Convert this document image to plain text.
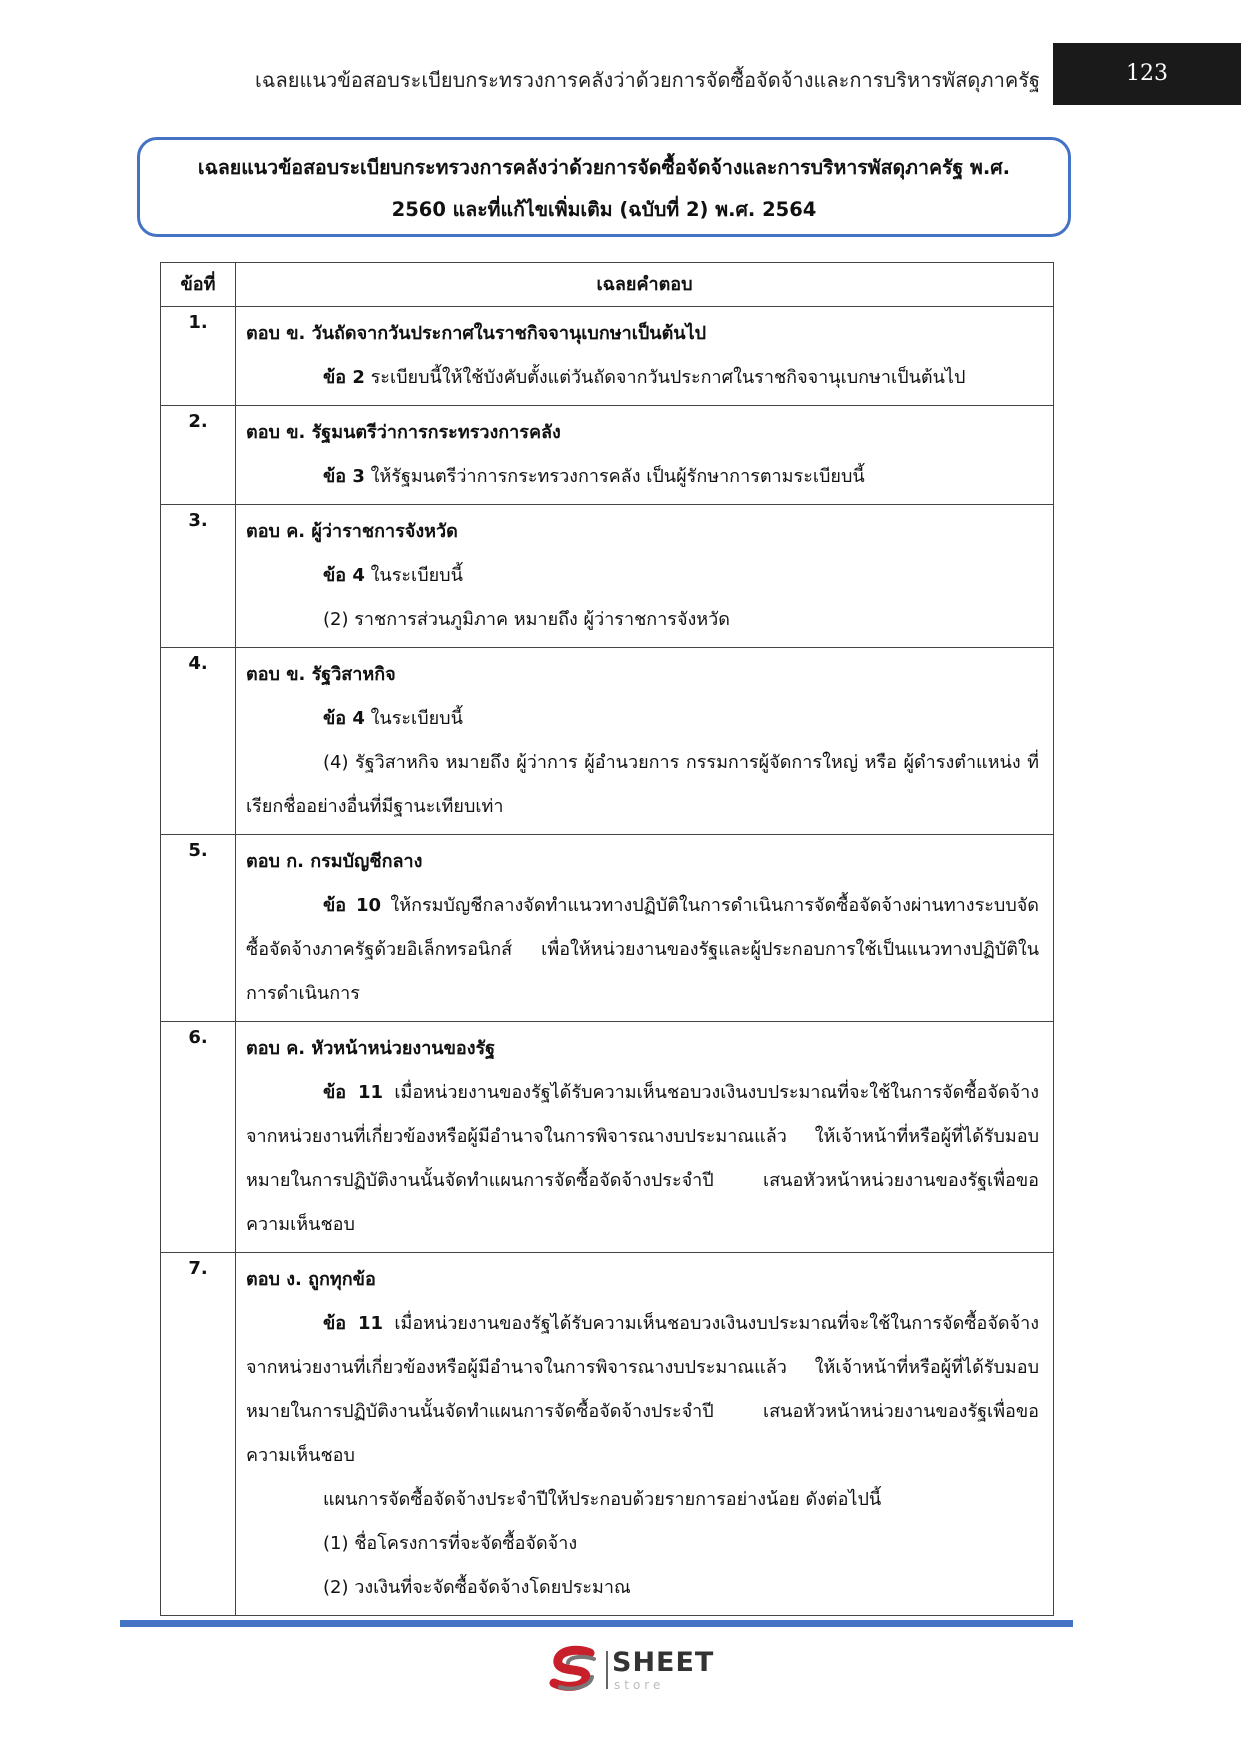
เฉลยแนวข้อสอบระเบียบกระทรวงการคลังว่าด้วยการจัดซื้อจัดจ้างและการบริหารพัสดุภาครัฐ	123
เฉลยแนวข้อสอบระเบียบกระทรวงการคลังว่าด้วยการจัดซื้อจัดจ้างและการบริหารพัสดุภาครัฐ พ.ศ.
2560 และที่แก้ไขเพิ่มเติม (ฉบับที่ 2) พ.ศ. 2564
ข้อที่	เฉลยคำตอบ
1.	ตอบ ข. วันถัดจากวันประกาศในราชกิจจานุเบกษาเป็นต้นไป
ข้อ 2 ระเบียบนี้ให้ใช้บังคับตั้งแต่วันถัดจากวันประกาศในราชกิจจานุเบกษาเป็นต้นไป

2.	ตอบ ข. รัฐมนตรีว่าการกระทรวงการคลัง
ข้อ 3 ให้รัฐมนตรีว่าการกระทรวงการคลัง เป็นผู้รักษาการตามระเบียบนี้

3.	ตอบ ค. ผู้ว่าราชการจังหวัด
ข้อ 4 ในระเบียบนี้
(2) ราชการส่วนภูมิภาค หมายถึง ผู้ว่าราชการจังหวัด

4.	ตอบ ข. รัฐวิสาหกิจ
ข้อ 4 ในระเบียบนี้
(4) รัฐวิสาหกิจ หมายถึง ผู้ว่าการ ผู้อำนวยการ กรรมการผู้จัดการใหญ่ หรือ ผู้ดำรงตำแหน่ง ที่เรียกชื่ออย่างอื่นที่มีฐานะเทียบเท่า

5.	ตอบ ก. กรมบัญชีกลาง
ข้อ 10 ให้กรมบัญชีกลางจัดทำแนวทางปฏิบัติในการดำเนินการจัดซื้อจัดจ้างผ่านทางระบบจัดซื้อจัดจ้างภาครัฐด้วยอิเล็กทรอนิกส์ เพื่อให้หน่วยงานของรัฐและผู้ประกอบการใช้เป็นแนวทางปฏิบัติในการดำเนินการ

6.	ตอบ ค. หัวหน้าหน่วยงานของรัฐ
ข้อ 11 เมื่อหน่วยงานของรัฐได้รับความเห็นชอบวงเงินงบประมาณที่จะใช้ในการจัดซื้อจัดจ้างจากหน่วยงานที่เกี่ยวข้องหรือผู้มีอำนาจในการพิจารณางบประมาณแล้ว ให้เจ้าหน้าที่หรือผู้ที่ได้รับมอบหมายในการปฏิบัติงานนั้นจัดทำแผนการจัดซื้อจัดจ้างประจำปี เสนอหัวหน้าหน่วยงานของรัฐเพื่อขอความเห็นชอบ

7.	ตอบ ง. ถูกทุกข้อ
ข้อ 11 เมื่อหน่วยงานของรัฐได้รับความเห็นชอบวงเงินงบประมาณที่จะใช้ในการจัดซื้อจัดจ้างจากหน่วยงานที่เกี่ยวข้องหรือผู้มีอำนาจในการพิจารณางบประมาณแล้ว ให้เจ้าหน้าที่หรือผู้ที่ได้รับมอบหมายในการปฏิบัติงานนั้นจัดทำแผนการจัดซื้อจัดจ้างประจำปี เสนอหัวหน้าหน่วยงานของรัฐเพื่อขอความเห็นชอบ
แผนการจัดซื้อจัดจ้างประจำปีให้ประกอบด้วยรายการอย่างน้อย ดังต่อไปนี้
(1) ชื่อโครงการที่จะจัดซื้อจัดจ้าง
(2) วงเงินที่จะจัดซื้อจัดจ้างโดยประมาณ
SHEET
store
